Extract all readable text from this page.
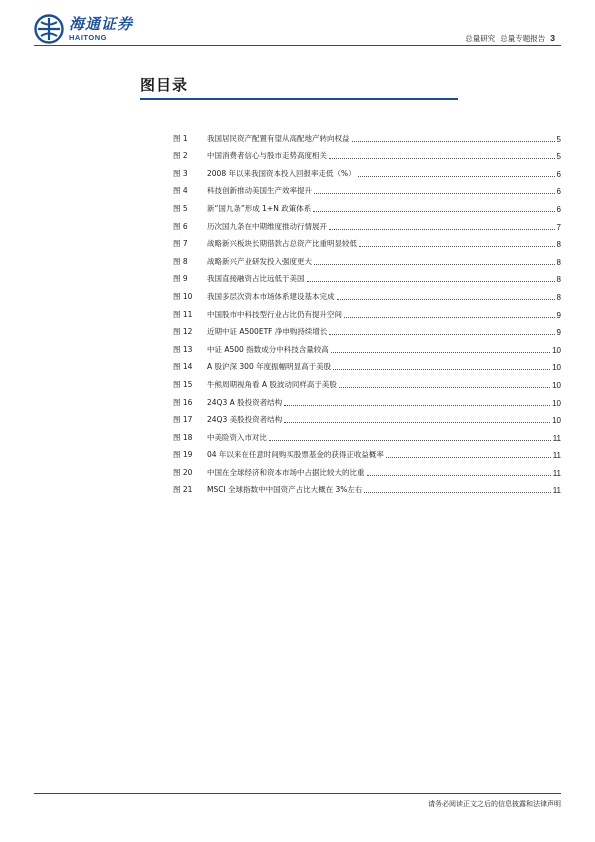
海通证券
HAITONG	总量研究 总量专题报告 3
图目录
图 1	我国居民资产配置有望从高配地产转向权益	5
图 2	中国消费者信心与股市走势高度相关	5
图 3	2008 年以来我国资本投入回报率走低（%）	6
图 4	科技创新推动美国生产效率提升	6
图 5	新“国九条”形成 1+N 政策体系	6
图 6	历次国九条在中期维度推动行情展开	7
图 7	战略新兴板块长期借款占总资产比重明显较低	8
图 8	战略新兴产业研发投入强度更大	8
图 9	我国直接融资占比远低于美国	8
图 10	我国多层次资本市场体系建设基本完成	8
图 11	中国股市中科技型行业占比仍有提升空间	9
图 12	近期中证 A500ETF 净申购持续增长	9
图 13	中证 A500 指数成分中科技含量较高	10
图 14	A 股沪深 300 年度振幅明显高于美股	10
图 15	牛熊周期视角看 A 股波动同样高于美股	10
图 16	24Q3 A 股投资者结构	10
图 17	24Q3 美股投资者结构	10
图 18	中美险资入市对比	11
图 19	04 年以来在任意时间购买股票基金的获得正收益概率	11
图 20	中国在全球经济和资本市场中占据比较大的比重	11
图 21	MSCI 全球指数中中国资产占比大概在 3%左右	11
请务必阅读正文之后的信息披露和法律声明
